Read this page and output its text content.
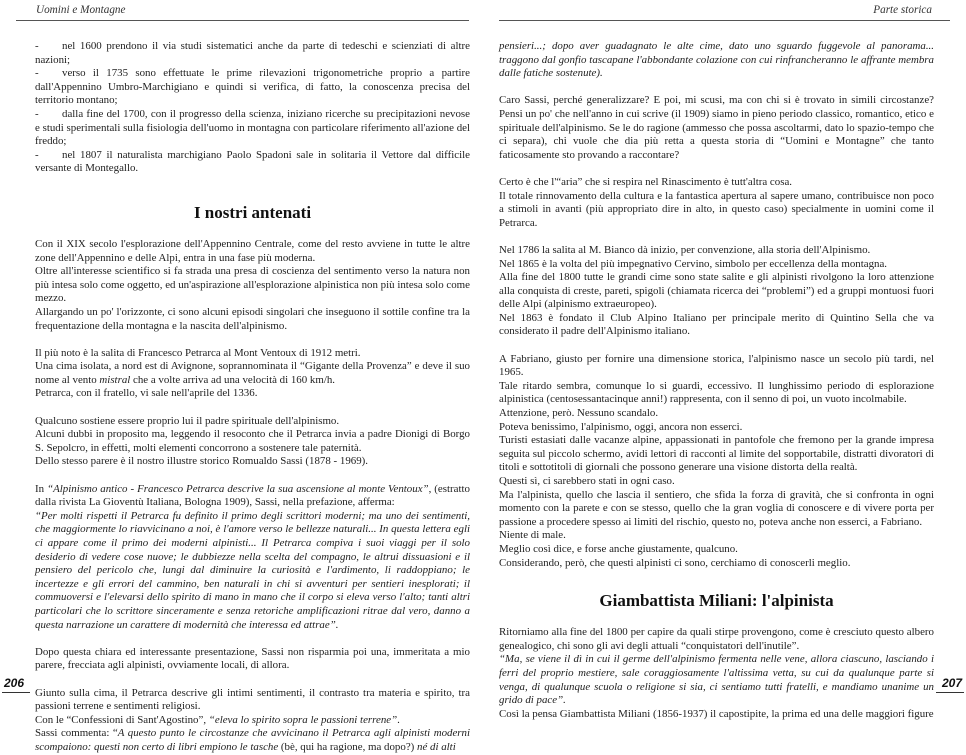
Uomini e Montagne

- nel 1600 prendono il via studi sistematici anche da parte di tedeschi e scienziati di altre nazioni;

- verso il 1735 sono effettuate le prime rilevazioni trigonometriche proprio a partire dall'Appennino Umbro-Marchigiano e quindi si verifica, di fatto, la conoscenza precisa del territorio montano;

- dalla fine del 1700, con il progresso della scienza, iniziano ricerche su precipitazioni nevose e studi sperimentali sulla fisiologia dell'uomo in montagna con particolare riferimento all'azione del freddo;

- nel 1807 il naturalista marchigiano Paolo Spadoni sale in solitaria il Vettore dal difficile versante di Montegallo.

I nostri antenati

Con il XIX secolo l'esplorazione dell'Appennino Centrale, come del resto avviene in tutte le altre zone dell'Appennino e delle Alpi, entra in una fase più moderna.

Oltre all'interesse scientifico si fa strada una presa di coscienza del sentimento verso la natura non più intesa solo come oggetto, ed un'aspirazione all'esplorazione alpinistica non più intesa solo come mezzo.

Allargando un po' l'orizzonte, ci sono alcuni episodi singolari che inseguono il sottile confine tra la frequentazione della montagna e la nascita dell'alpinismo.

Il più noto è la salita di Francesco Petrarca al Mont Ventoux di 1912 metri.

Una cima isolata, a nord est di Avignone, soprannominata il “Gigante della Provenza” e deve il suo nome al vento mistral che a volte arriva ad una velocità di 160 km/h.

Petrarca, con il fratello, vi sale nell'aprile del 1336.

Qualcuno sostiene essere proprio lui il padre spirituale dell'alpinismo.

Alcuni dubbi in proposito ma, leggendo il resoconto che il Petrarca invia a padre Dionigi di Borgo S. Sepolcro, in effetti, molti elementi concorrono a sostenere tale paternità.

Dello stesso parere è il nostro illustre storico Romualdo Sassi (1878 - 1969).

In “Alpinismo antico - Francesco Petrarca descrive la sua ascensione al monte Ventoux”, (estratto dalla rivista La Gioventù Italiana, Bologna 1909), Sassi, nella prefazione, afferma:

“Per molti rispetti il Petrarca fu definito il primo degli scrittori moderni; ma uno dei sentimenti, che maggiormente lo riavvicinano a noi, è l'amore verso le bellezze naturali... In questa lettera egli ci appare come il primo dei moderni alpinisti... Il Petrarca compiva i suoi viaggi per il solo desiderio di vedere cose nuove; le dubbiezze nella scelta del compagno, le altrui dissuasioni e il pensiero del pericolo che, lungi dal diminuire la curiosità e l'ardimento, li raddoppiano; le incertezze e gli errori del cammino, ben naturali in chi si avventuri per sentieri inesplorati; il commuoversi e l'elevarsi dello spirito di mano in mano che il corpo si eleva verso l'alto; tanti altri particolari che lo scrittore sinceramente e senza retoriche amplificazioni ritrae dal vero, danno a questa narrazione un carattere di modernità che interessa ed attrae”.

Dopo questa chiara ed interessante presentazione, Sassi non risparmia poi una, immeritata a mio parere, frecciata agli alpinisti, ovviamente locali, di allora.

Giunto sulla cima, il Petrarca descrive gli intimi sentimenti, il contrasto tra materia e spirito, tra passioni terrene e sentimenti religiosi.

Con le “Confessioni di Sant'Agostino”, “eleva lo spirito sopra le passioni terrene”.

Sassi commenta: “A questo punto le circostanze che avvicinano il Petrarca agli alpinisti moderni scompaiono: questi non certo di libri empiono le tasche (bè, qui ha ragione, ma dopo?) né di alti

206
Parte storica

pensieri...; dopo aver guadagnato le alte cime, dato uno sguardo fuggevole al panorama... traggono dal gonfio tascapane l'abbondante colazione con cui rinfrancheranno le affrante membra dalle fatiche sostenute).

Caro Sassi, perché generalizzare? E poi, mi scusi, ma con chi si è trovato in simili circostanze? Pensi un po' che nell'anno in cui scrive (il 1909) siamo in pieno periodo classico, romantico, etico e spirituale dell'alpinismo. Se le do ragione (ammesso che possa ascoltarmi, dato lo spazio-tempo che ci separa), chi vuole che dia più retta a questa storia di “Uomini e Montagne” che tanto faticosamente sto provando a raccontare?

Certo è che l'“aria” che si respira nel Rinascimento è tutt'altra cosa.

Il totale rinnovamento della cultura e la fantastica apertura al sapere umano, contribuisce non poco a stimoli in avanti (più appropriato dire in alto, in questo caso) specialmente in uomini come il Petrarca.

Nel 1786 la salita al M. Bianco dà inizio, per convenzione, alla storia dell'Alpinismo.

Nel 1865 è la volta del più impegnativo Cervino, simbolo per eccellenza della montagna.

Alla fine del 1800 tutte le grandi cime sono state salite e gli alpinisti rivolgono la loro attenzione alla conquista di creste, pareti, spigoli (chiamata ricerca dei “problemi”) ed a gruppi montuosi fuori delle Alpi (alpinismo extraeuropeo).

Nel 1863 è fondato il Club Alpino Italiano per principale merito di Quintino Sella che va considerato il padre dell'Alpinismo italiano.

A Fabriano, giusto per fornire una dimensione storica, l'alpinismo nasce un secolo più tardi, nel 1965.

Tale ritardo sembra, comunque lo si guardi, eccessivo. Il lunghissimo periodo di esplorazione alpinistica (centosessantacinque anni!) rappresenta, con il senno di poi, un vuoto incolmabile.

Attenzione, però. Nessuno scandalo.

Poteva benissimo, l'alpinismo, oggi, ancora non esserci.

Turisti estasiati dalle vacanze alpine, appassionati in pantofole che fremono per la grande impresa seguita sul piccolo schermo, avidi lettori di racconti al limite del sopportabile, distratti divoratori di titoli e sottotitoli di giornali che possono generare una visione distorta della realtà.

Questi sì, ci sarebbero stati in ogni caso.

Ma l'alpinista, quello che lascia il sentiero, che sfida la forza di gravità, che si confronta in ogni momento con la parete e con se stesso, quello che la gran voglia di conoscere e di vivere porta per passione a procedere spesso ai limiti del rischio, questo no, poteva anche non esserci, a Fabriano.

Niente di male.

Meglio così dice, e forse anche giustamente, qualcuno.

Considerando, però, che questi alpinisti ci sono, cerchiamo di conoscerli meglio.

Giambattista Miliani: l'alpinista

Ritorniamo alla fine del 1800 per capire da quali stirpe provengono, come è cresciuto questo albero genealogico, chi sono gli avi degli attuali “conquistatori dell'inutile”.

“Ma, se viene il dì in cui il germe dell'alpinismo fermenta nelle vene, allora ciascuno, lasciando i ferri del proprio mestiere, sale coraggiosamente l'altissima vetta, su cui da qualunque parte si venga, di qualunque scuola o religione si sia, ci sentiamo tutti fratelli, e mandiamo unanime un grido di pace”.

Così la pensa Giambattista Miliani (1856-1937) il capostipite, la prima ed una delle maggiori figure

207
